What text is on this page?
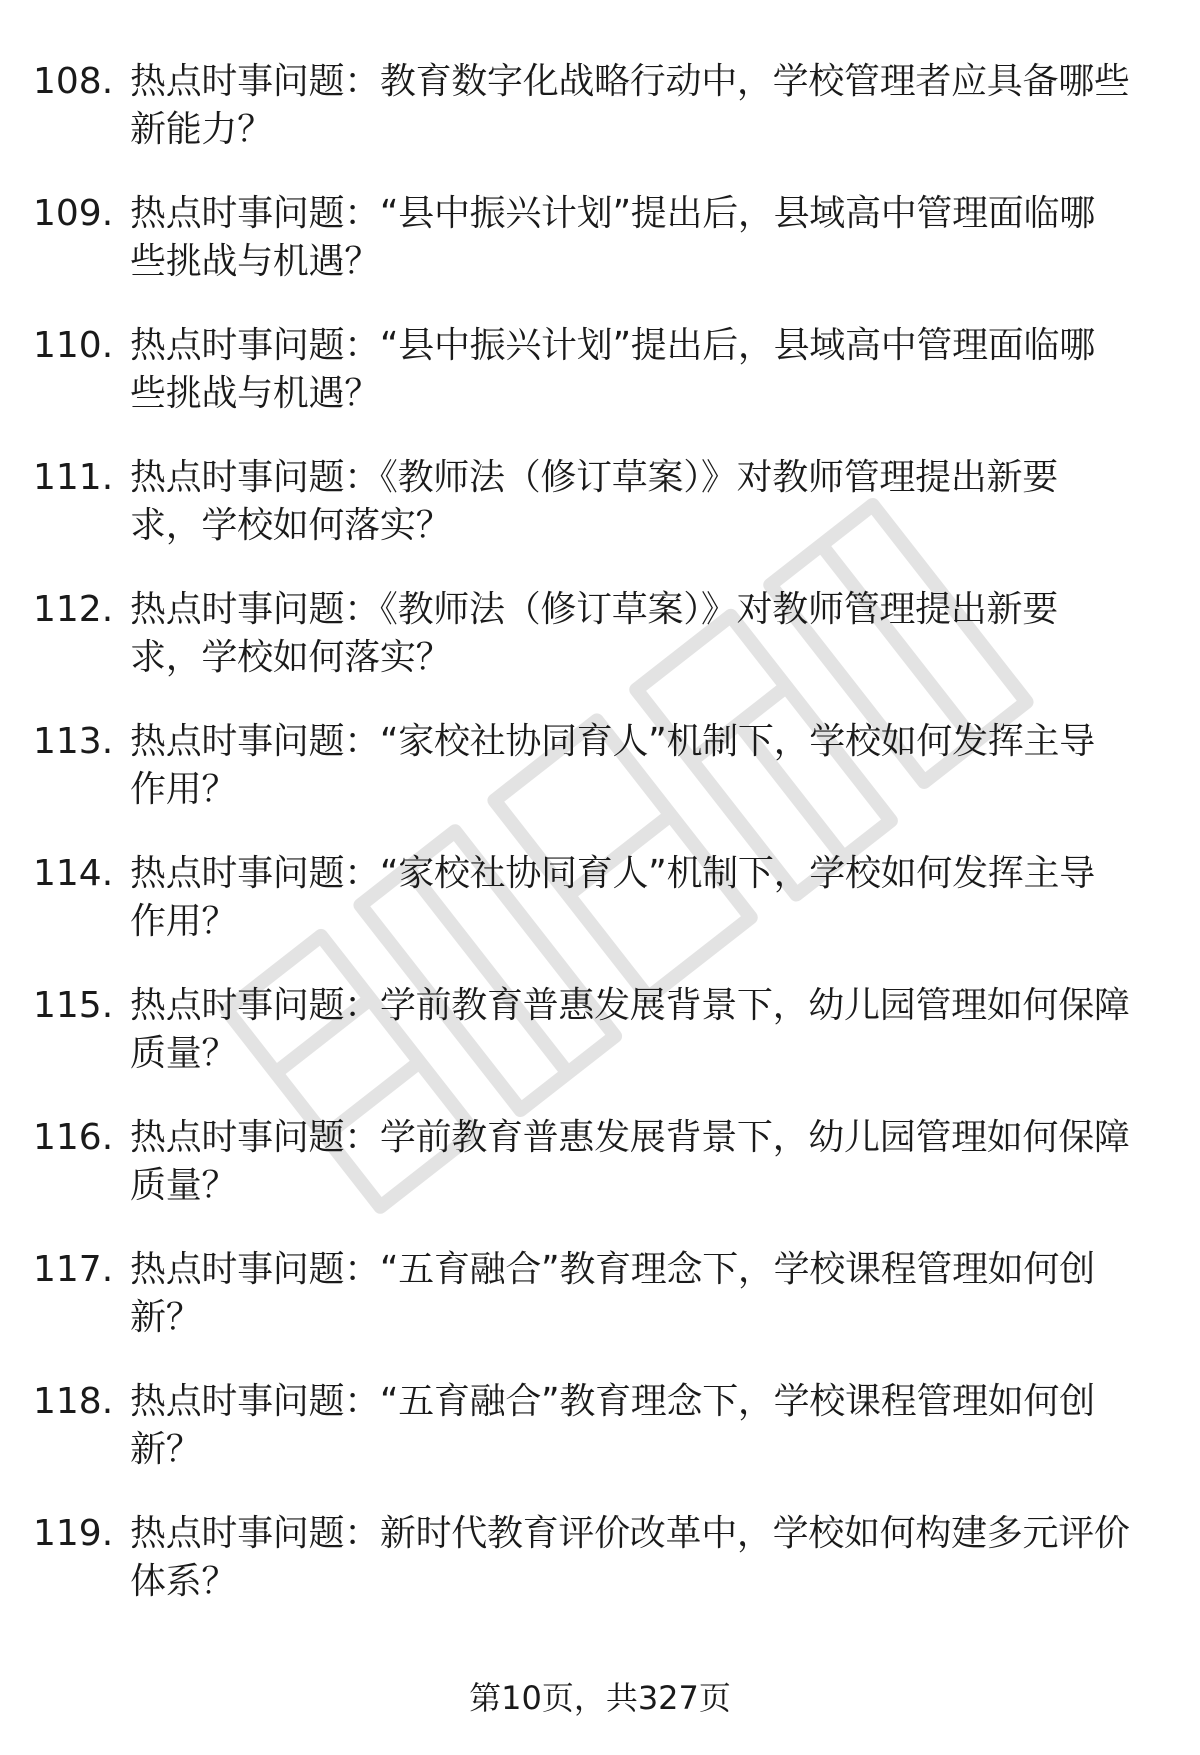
108. 热点时事问题：教育数字化战略行动中，学校管理者应具备哪些
新能力？
109. 热点时事问题：“县中振兴计划”提出后，县域高中管理面临哪
些挑战与机遇？
110. 热点时事问题：“县中振兴计划”提出后，县域高中管理面临哪
些挑战与机遇？
111. 热点时事问题：《教师法（修订草案）》对教师管理提出新要
求，学校如何落实？
112. 热点时事问题：《教师法（修订草案）》对教师管理提出新要
求，学校如何落实？
113. 热点时事问题：“家校社协同育人”机制下，学校如何发挥主导
作用？
114. 热点时事问题：“家校社协同育人”机制下，学校如何发挥主导
作用？
115. 热点时事问题：学前教育普惠发展背景下，幼儿园管理如何保障
质量？
116. 热点时事问题：学前教育普惠发展背景下，幼儿园管理如何保障
质量？
117. 热点时事问题：“五育融合”教育理念下，学校课程管理如何创
新？
118. 热点时事问题：“五育融合”教育理念下，学校课程管理如何创
新？
119. 热点时事问题：新时代教育评价改革中，学校如何构建多元评价
体系？
第10页，共327页
